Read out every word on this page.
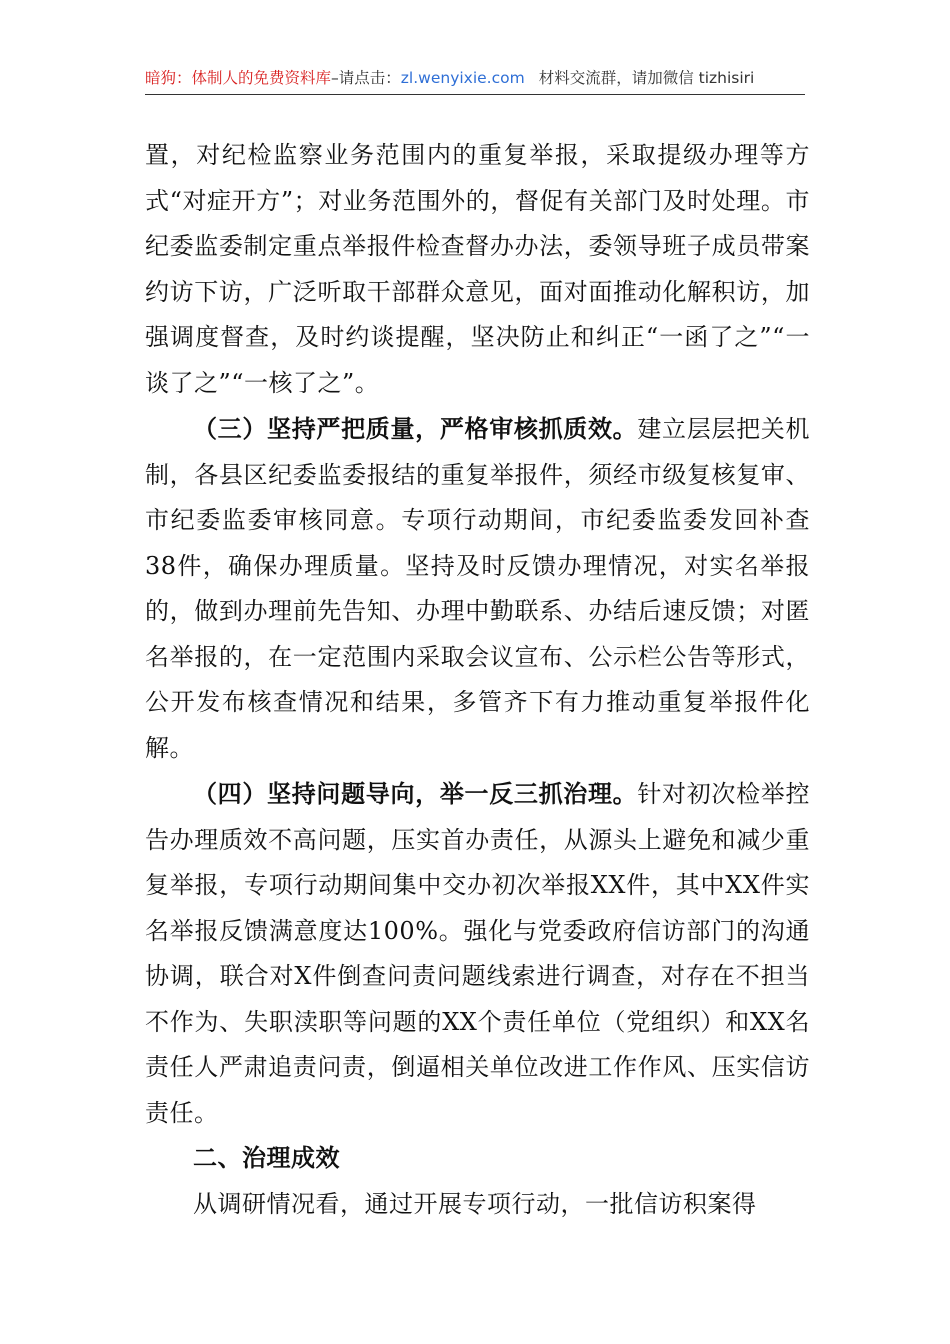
暗狗：体制人的免费资料库–请点击：zl.wenyixie.com 材料交流群，请加微信 tizhisiri

置，对纪检监察业务范围内的重复举报，采取提级办理等方式“对症开方”；对业务范围外的，督促有关部门及时处理。市纪委监委制定重点举报件检查督办办法，委领导班子成员带案约访下访，广泛听取干部群众意见，面对面推动化解积访，加强调度督查，及时约谈提醒，坚决防止和纠正“一函了之”“一谈了之”“一核了之”。

（三）坚持严把质量，严格审核抓质效。建立层层把关机制，各县区纪委监委报结的重复举报件，须经市级复核复审、市纪委监委审核同意。专项行动期间，市纪委监委发回补查38件，确保办理质量。坚持及时反馈办理情况，对实名举报的，做到办理前先告知、办理中勤联系、办结后速反馈；对匿名举报的，在一定范围内采取会议宣布、公示栏公告等形式，公开发布核查情况和结果，多管齐下有力推动重复举报件化解。

（四）坚持问题导向，举一反三抓治理。针对初次检举控告办理质效不高问题，压实首办责任，从源头上避免和减少重复举报，专项行动期间集中交办初次举报XX件，其中XX件实名举报反馈满意度达100%。强化与党委政府信访部门的沟通协调，联合对X件倒查问责问题线索进行调查，对存在不担当不作为、失职渎职等问题的XX个责任单位（党组织）和XX名责任人严肃追责问责，倒逼相关单位改进工作作风、压实信访责任。

二、治理成效

从调研情况看，通过开展专项行动，一批信访积案得
